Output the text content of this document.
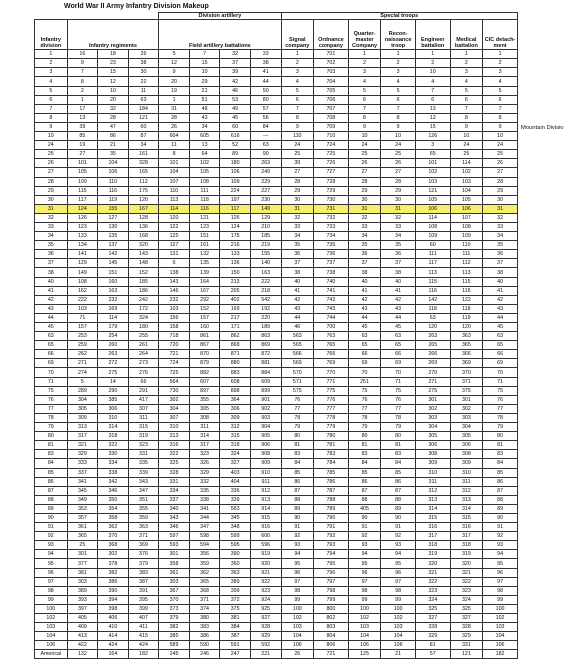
World War II Army Infantry Division Makeup
				Division artillery				Special troops						
Infantry division	Infantry regiments			Field artillery battalions				Signal company	Ordnance company	Quarter-master Company	Recon-naissance troop	Engineer battalion	Medical battalion	CIC detach-ment
1	16	18	26	5	7	32	33	1	701	1	1	1	1	1
2	9	23	38	12	15	37	38	2	702	2	2	2	2	2
3	7	15	30	9	10	39	41	3	703	3	3	10	3	3
4	8	12	22	20	29	42	44	4	704	4	4	4	4	4
5	2	10	11	19	21	46	50	5	705	5	5	7	5	5
6	1	20	63	1	51	53	80	6	706	6	6	6	6	6
7	17	32	184	31	48	49	57	7	707	7	7	13	7	7
8	13	28	121	28	43	45	56	8	708	8	8	12	8	8
9	39	47	60	26	34	60	84	9	709	9	9	15	9	9
10	85	86	87	604	605	616	---	110	710	10	10	126	10	10
24	19	21	34	11	13	52	63	24	724	24	24	3	24	24
25	27	35	161	8	64	89	90	25	725	25	25	65	25	25
26	101	104	328	101	102	180	263	39	726	26	26	101	114	26
27	105	106	165	104	105	106	249	27	727	27	27	102	102	27
28	109	110	112	107	108	109	229	28	728	28	28	103	103	28
29	115	116	175	110	111	224	227	29	729	29	29	121	104	29
30	117	119	120	113	118	197	230	30	730	30	30	105	105	30
31	124	155	167	114	116	117	149	31	731	31	31	106	106	31
32	126	127	128	120	121	126	129	32	732	32	32	114	107	32
33	123	130	136	122	123	124	210	33	733	33	33	108	108	33
34	133	135	168	125	151	175	185	34	734	34	34	109	109	34
35	134	137	320	127	161	216	219	35	735	35	35	60	110	35
36	141	142	143	131	132	133	155	36	736	36	36	111	111	36
37	129	145	148	6	135	136	140	37	737	37	37	117	112	37
38	149	151	152	138	139	150	163	38	738	38	38	113	113	38
40	108	160	185	143	164	213	222	40	740	40	40	115	115	40
41	162	163	186	146	167	205	218	41	741	41	41	116	116	41
42	222	232	242	232	292	402	542	42	742	42	42	142	122	42
43	103	169	172	103	152	169	192	43	743	43	43	118	118	43
44	71	114	324	156	157	217	220	44	744	44	44	63	119	44
45	157	179	180	158	160	171	189	46	700	45	45	120	120	45
63	253	254	255	718	861	862	863	563	763	63	63	263	363	63
65	259	260	261	720	867	868	869	565	765	65	65	265	365	65
66	262	263	264	721	870	871	872	566	766	66	66	266	366	66
69	271	272	273	724	879	880	881	569	769	69	69	269	369	69
70	274	275	276	725	882	883	884	570	770	70	70	270	370	70
71	5	14	66	564	607	608	609	571	771	251	71	271	371	71
75	289	290	291	730	897	898	899	575	775	75	75	275	375	75
76	304	385	417	302	355	364	901	76	776	76	76	301	301	76
77	305	306	307	304	305	306	902	77	777	77	77	302	302	77
78	309	310	311	307	308	309	903	78	778	78	78	303	303	78
79	313	314	315	310	311	312	904	79	779	79	79	304	304	79
80	317	318	319	313	314	315	905	80	780	80	80	305	305	80
81	321	322	323	316	317	318	906	81	781	81	81	306	306	81
83	329	330	331	322	323	324	908	83	783	83	83	308	308	83
84	333	334	335	325	326	327	909	84	784	84	84	309	309	84
85	337	338	339	328	329	403	910	85	785	85	85	310	310	85
86	341	342	343	331	332	404	911	86	786	86	86	311	311	86
87	345	346	347	334	335	336	912	87	787	87	87	312	312	87
88	349	350	351	337	338	339	913	88	788	88	88	313	313	88
89	353	354	355	340	341	563	914	89	789	405	89	314	314	89
90	357	358	359	343	344	345	915	90	790	90	90	315	315	90
91	361	362	363	346	347	348	916	91	791	91	91	316	316	91
92	365	370	371	597	598	599	600	92	792	92	92	317	317	92
93	25	368	369	593	594	595	596	93	793	93	93	318	318	93
94	301	302	376	301	356	390	919	94	794	94	94	319	319	94
95	377	378	379	358	359	360	920	95	795	95	95	320	320	95
96	381	382	383	361	362	363	921	96	796	96	96	321	321	96
97	303	386	387	303	365	389	922	97	797	97	97	322	322	97
98	389	390	391	367	368	399	923	98	798	98	98	323	323	98
99	393	394	395	370	371	372	924	99	799	99	99	324	324	99
100	397	398	399	373	374	375	925	100	800	100	100	325	325	100
102	405	406	407	379	380	381	927	102	802	102	102	327	327	102
103	409	410	411	382	383	384	928	103	803	103	103	328	328	103
104	413	414	415	385	386	387	929	104	804	104	104	329	329	104
106	422	424	424	589	590	591	592	106	806	106	106	81	331	106
Americal	132	164	182	245	246	247	221	26	721	125	21	57	121	182
Mountain Divisio
